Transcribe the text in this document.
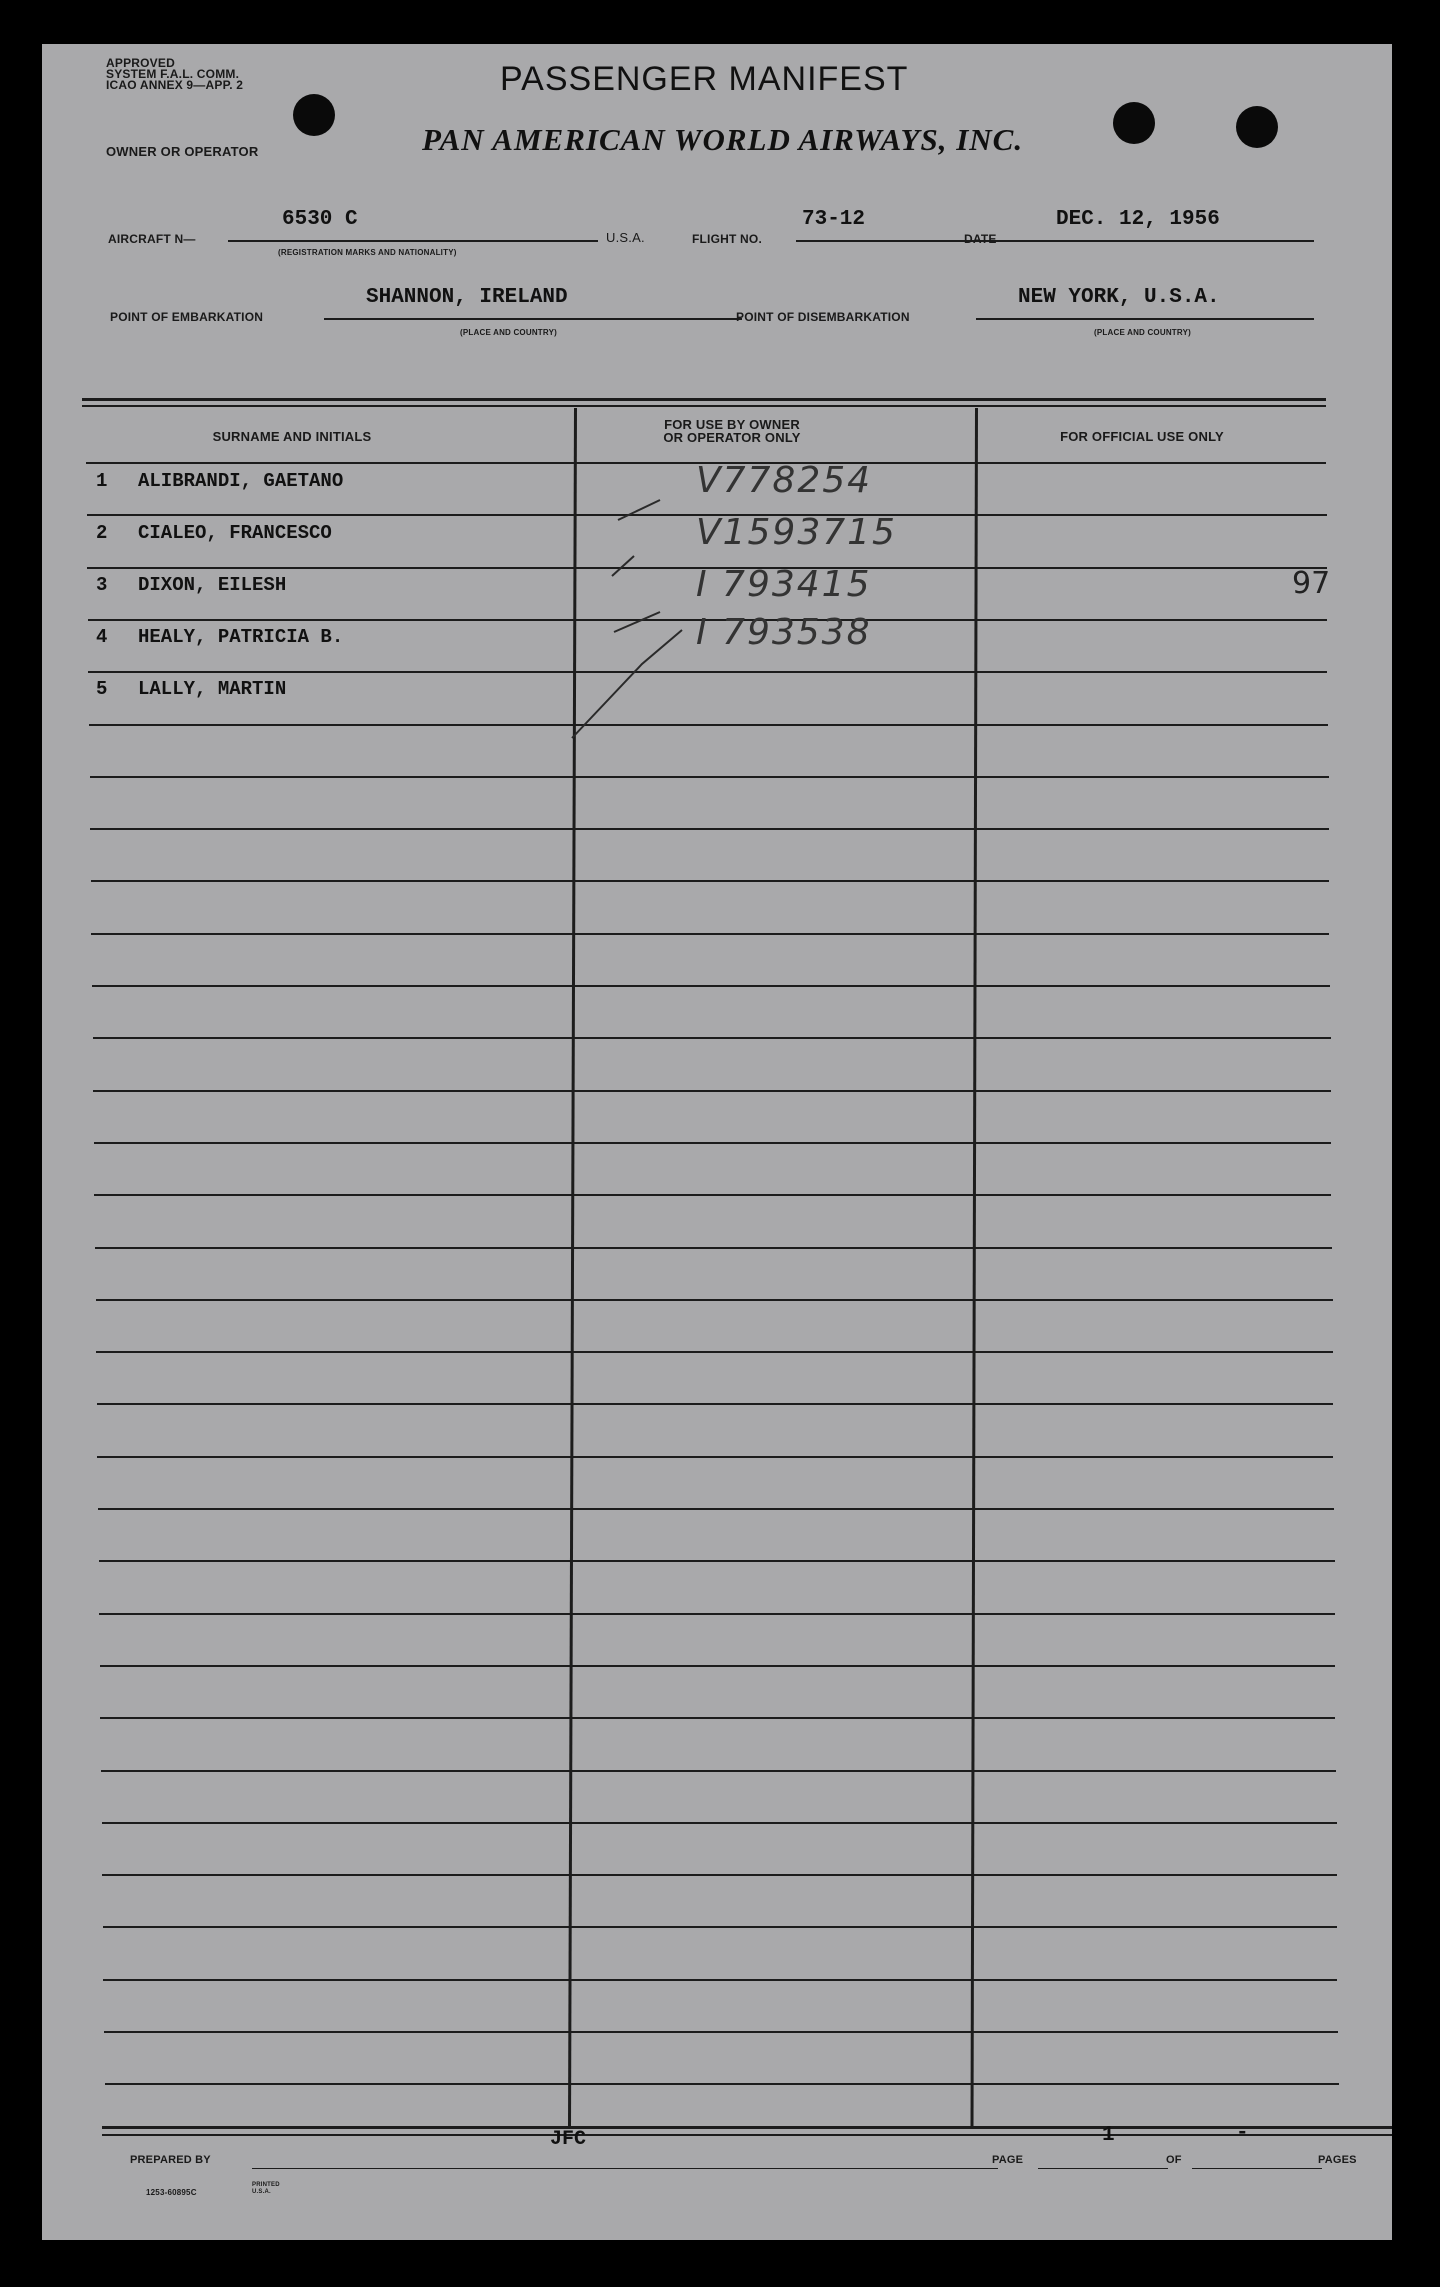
APPROVED
SYSTEM F.A.L. COMM.
ICAO ANNEX 9—APP. 2	PASSENGER MANIFEST
OWNER OR OPERATOR	PAN AMERICAN WORLD AIRWAYS, INC.
AIRCRAFT N—
6530 C
(REGISTRATION MARKS AND NATIONALITY)
U.S.A.	FLIGHT NO.
73-12
DATE
DEC. 12, 1956
POINT OF EMBARKATION
SHANNON, IRELAND
(PLACE AND COUNTRY)
POINT OF DISEMBARKATION
NEW YORK, U.S.A.
(PLACE AND COUNTRY)
SURNAME AND INITIALS
FOR USE BY OWNER
OR OPERATOR ONLY	FOR OFFICIAL USE ONLY
1 ALIBRANDI, GAETANO	V778254
2 CIALEO, FRANCESCO	V1593715
3 DIXON, EILESH	I 793415	97
4 HEALY, PATRICIA B.	I 793538
5 LALLY, MARTIN
PREPARED BY
JFC
PAGE
1
OF
-
PAGES
1253-60895C
PRINTED U.S.A.
